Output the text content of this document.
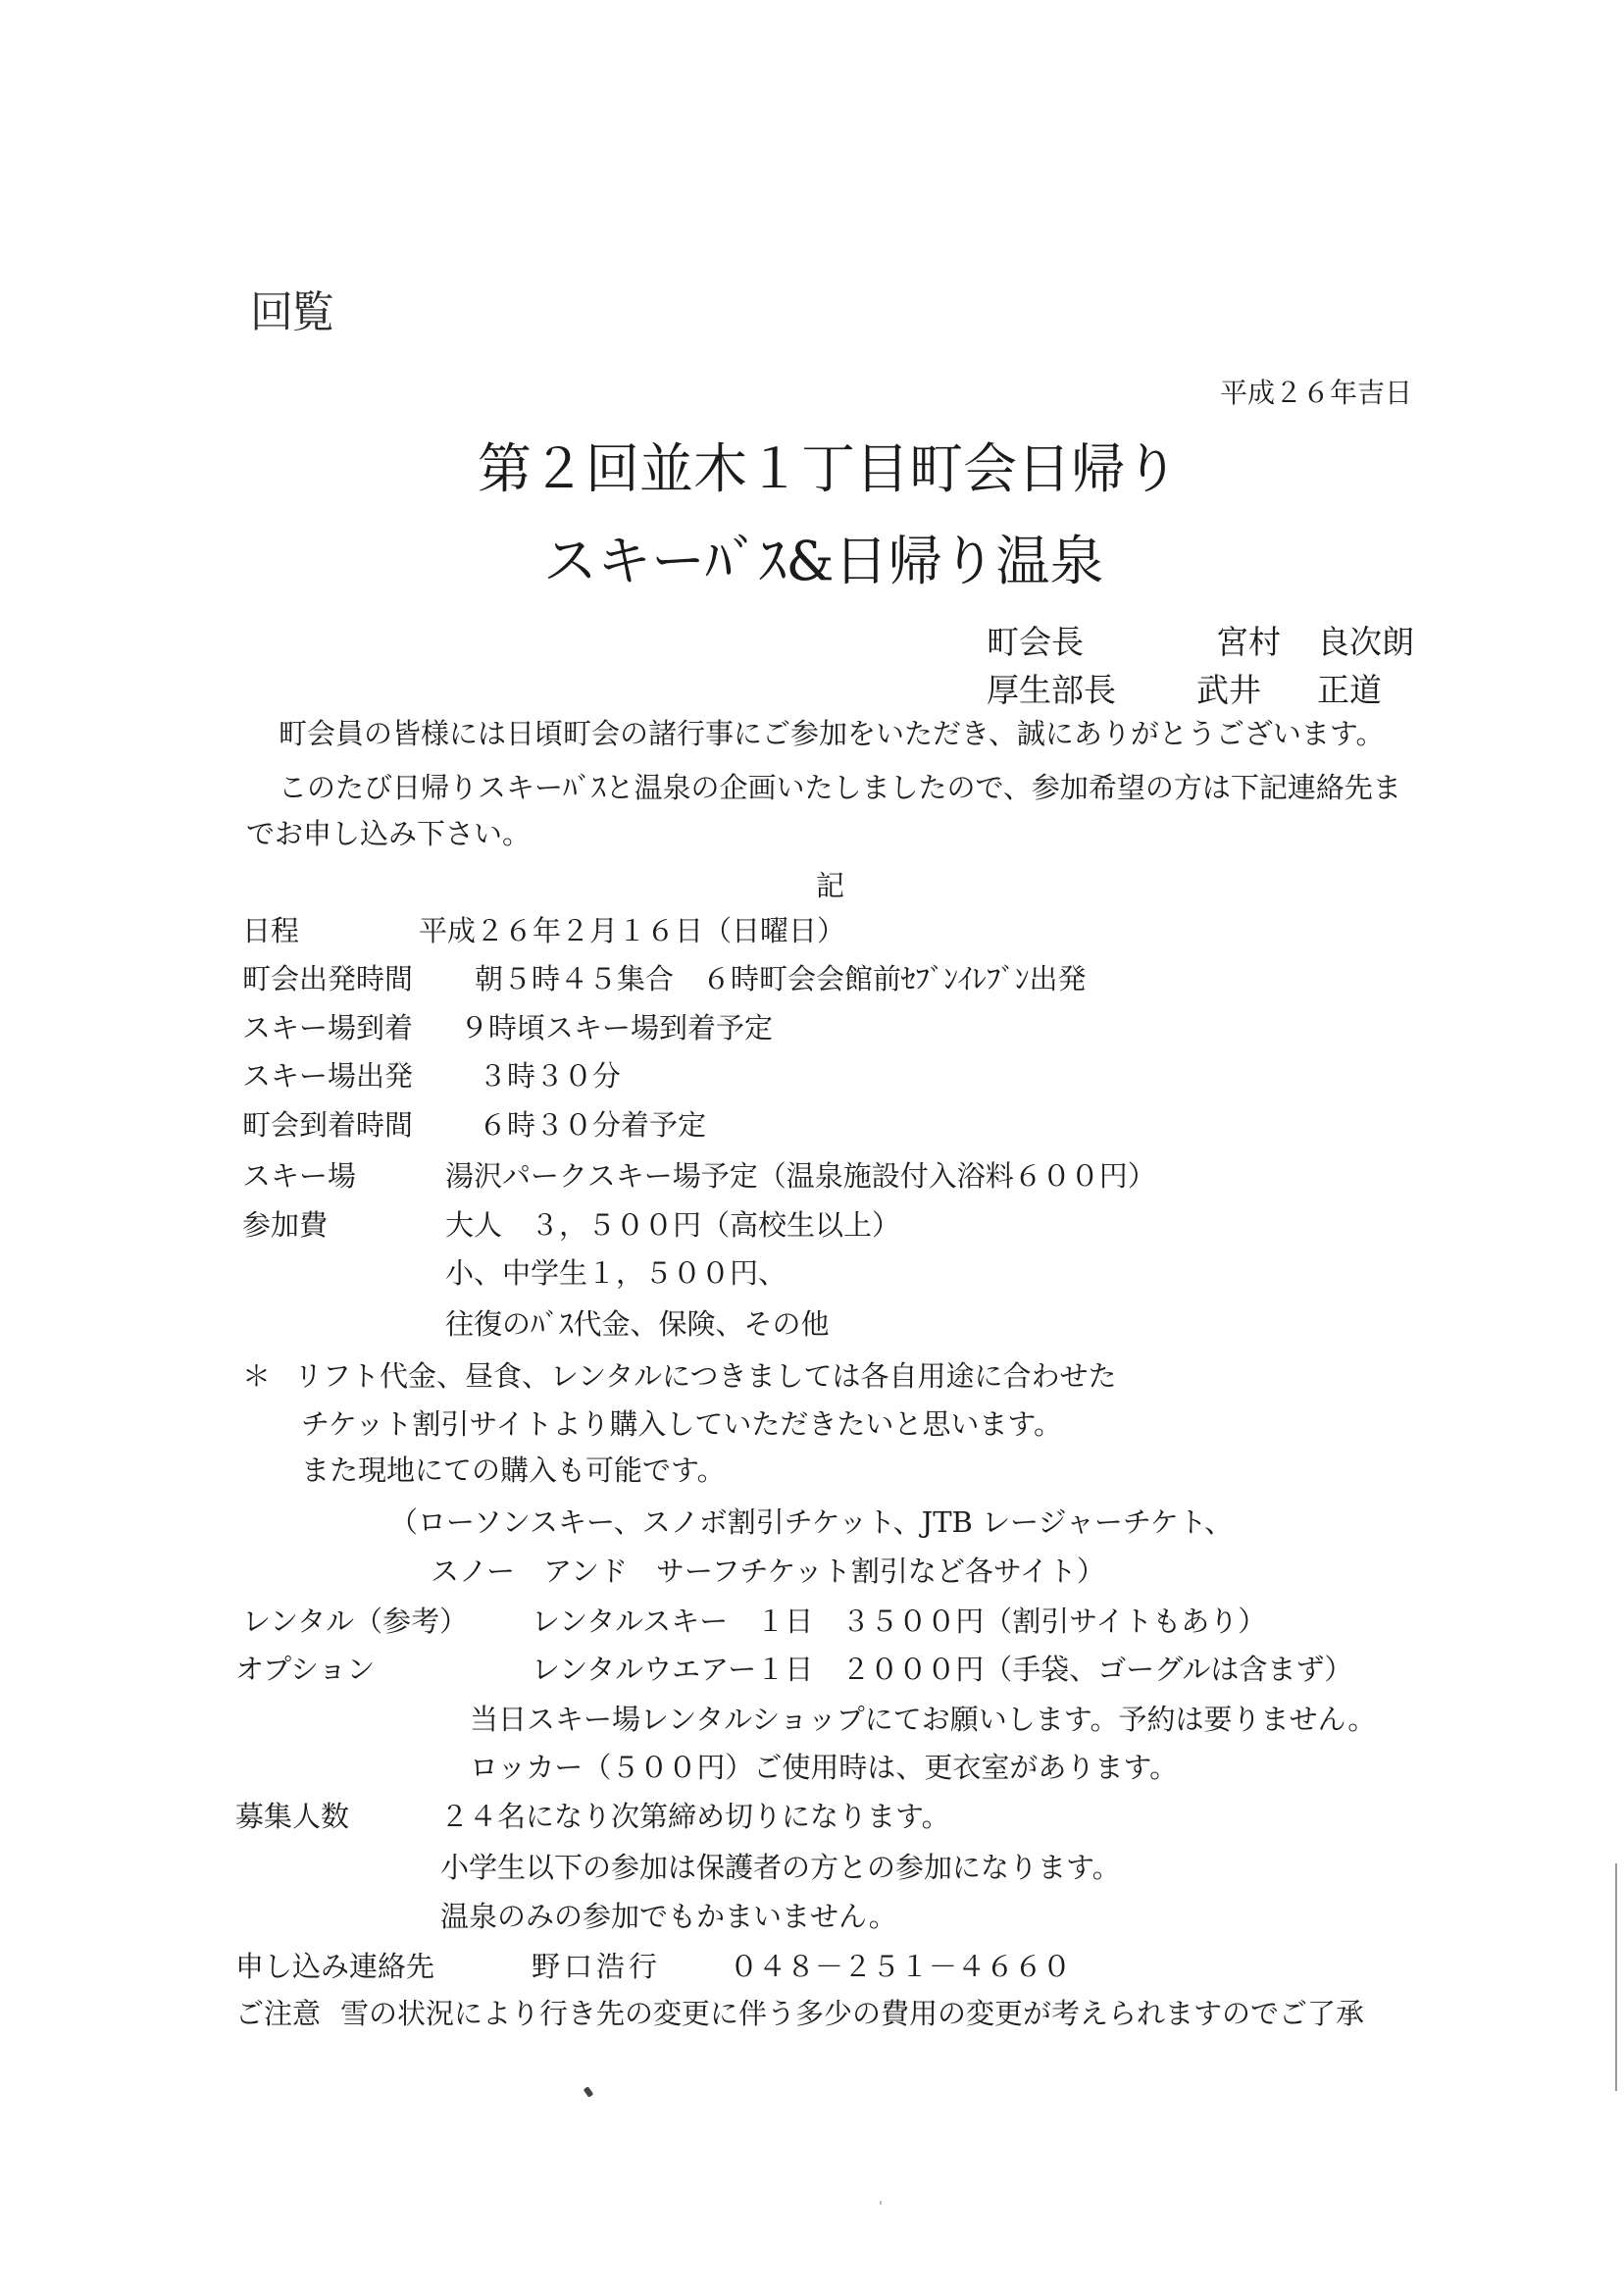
回覧
平成２６年吉日
第２回並木１丁目町会日帰り
スキーﾊﾞｽ&日帰り温泉
町会長	宮村 良次朗
厚生部長 武井 正道
町会員の皆様には日頃町会の諸行事にご参加をいただき、誠にありがとうございます。
このたび日帰りスキーﾊﾞｽと温泉の企画いたしましたので、参加希望の方は下記連絡先ま
でお申し込み下さい。
記
日程	平成２６年２月１６日（日曜日）
町会出発時間 朝５時４５集合　６時町会会館前ｾﾌﾞﾝｲﾚﾌﾞﾝ出発
スキー場到着 ９時頃スキー場到着予定
スキー場出発 ３時３０分
町会到着時間 ６時３０分着予定
スキー場	湯沢パークスキー場予定（温泉施設付入浴料６００円）
参加費	大人　３，５００円（高校生以上）
小、中学生１，５００円、
往復のﾊﾞｽ代金、保険、その他
＊ リフト代金、昼食、レンタルにつきましては各自用途に合わせた
チケット割引サイトより購入していただきたいと思います。
また現地にての購入も可能です。
（ローソンスキー、スノボ割引チケット、JTB レージャーチケト、
スノー　アンド　サーフチケット割引など各サイト）
レンタル（参考） レンタルスキー　１日　３５００円（割引サイトもあり）
オプション	レンタルウエアー１日　２０００円（手袋、ゴーグルは含まず）
当日スキー場レンタルショップにてお願いします。予約は要りません。
ロッカー（５００円）ご使用時は、更衣室があります。
募集人数	２４名になり次第締め切りになります。
小学生以下の参加は保護者の方との参加になります。
温泉のみの参加でもかまいません。
申し込み連絡先	野口浩行 ０４８－２５１－４６６０
ご注意 雪の状況により行き先の変更に伴う多少の費用の変更が考えられますのでご了承
